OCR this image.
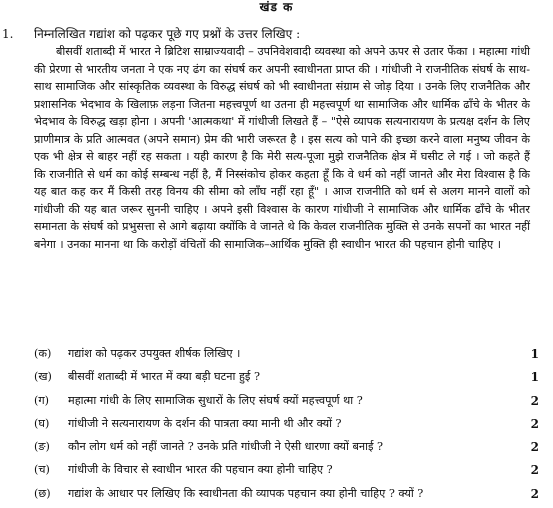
खंड क
1. निम्नलिखित गद्यांश को पढ़कर पूछे गए प्रश्नों के उत्तर लिखिए :

बीसवीं शताब्दी में भारत ने ब्रिटिश साम्राज्यवादी – उपनिवेशवादी व्यवस्था को अपने ऊपर से उतार फेंका । महात्मा गांधी की प्रेरणा से भारतीय जनता ने एक नए ढंग का संघर्ष कर अपनी स्वाधीनता प्राप्त की । गांधीजी ने राजनीतिक संघर्ष के साथ-साथ सामाजिक और सांस्कृतिक व्यवस्था के विरुद्ध संघर्ष को भी स्वाधीनता संग्राम से जोड़ दिया । उनके लिए राजनैतिक और प्रशासनिक भेदभाव के खिलाफ़ लड़ना जितना महत्त्वपूर्ण था उतना ही महत्त्वपूर्ण था सामाजिक और धार्मिक ढाँचे के भीतर के भेदभाव के विरुद्ध खड़ा होना । अपनी 'आत्मकथा' में गांधीजी लिखते हैं – "ऐसे व्यापक सत्यनारायण के प्रत्यक्ष दर्शन के लिए प्राणीमात्र के प्रति आत्मवत (अपने समान) प्रेम की भारी जरूरत है । इस सत्य को पाने की इच्छा करने वाला मनुष्य जीवन के एक भी क्षेत्र से बाहर नहीं रह सकता । यही कारण है कि मेरी सत्य-पूजा मुझे राजनैतिक क्षेत्र में घसीट ले गई । जो कहते हैं कि राजनीति से धर्म का कोई सम्बन्ध नहीं है, मैं निस्संकोच होकर कहता हूँ कि वे धर्म को नहीं जानते और मेरा विश्वास है कि यह बात कह कर मैं किसी तरह विनय की सीमा को लाँघ नहीं रहा हूँ" । आज राजनीति को धर्म से अलग मानने वालों को गांधीजी की यह बात जरूर सुननी चाहिए । अपने इसी विश्वास के कारण गांधीजी ने सामाजिक और धार्मिक ढाँचे के भीतर समानता के संघर्ष को प्रभुसत्ता से आगे बढ़ाया क्योंकि वे जानते थे कि केवल राजनीतिक मुक्ति से उनके सपनों का भारत नहीं बनेगा । उनका मानना था कि करोड़ों वंचितों की सामाजिक–आर्थिक मुक्ति ही स्वाधीन भारत की पहचान होनी चाहिए ।

(क)	गद्यांश को पढ़कर उपयुक्त शीर्षक लिखिए ।	1
(ख)	बीसवीं शताब्दी में भारत में क्या बड़ी घटना हुई ?	1
(ग)	महात्मा गांधी के लिए सामाजिक सुधारों के लिए संघर्ष क्यों महत्त्वपूर्ण था ?	2
(घ)	गांधीजी ने सत्यनारायण के दर्शन की पात्रता क्या मानी थी और क्यों ?	2
(ङ)	कौन लोग धर्म को नहीं जानते ? उनके प्रति गांधीजी ने ऐसी धारणा क्यों बनाई ?	2
(च)	गांधीजी के विचार से स्वाधीन भारत की पहचान क्या होनी चाहिए ?	2
(छ)	गद्यांश के आधार पर लिखिए कि स्वाधीनता की व्यापक पहचान क्या होनी चाहिए ? क्यों ?	2
